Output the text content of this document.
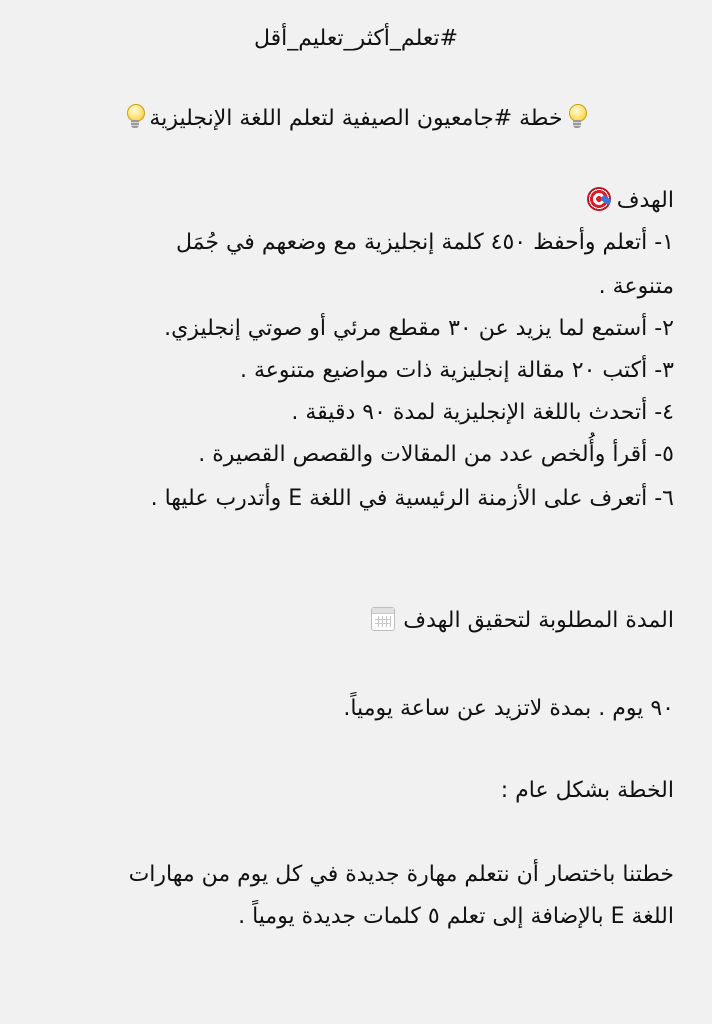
#تعلم_أكثر_تعليم_أقل
خطة #جامعيون الصيفية لتعلم اللغة الإنجليزية
الهدف
١- أتعلم وأحفظ ٤٥٠ كلمة إنجليزية مع وضعهم في جُمَل
متنوعة .
٢- أستمع لما يزيد عن ٣٠ مقطع مرئي أو صوتي إنجليزي.
٣- أكتب ٢٠ مقالة إنجليزية ذات مواضيع متنوعة .
٤- أتحدث باللغة الإنجليزية لمدة ٩٠ دقيقة .
٥- أقرأ وأُلخص عدد من المقالات والقصص القصيرة .
٦- أتعرف على الأزمنة الرئيسية في اللغة E وأتدرب عليها .
المدة المطلوبة لتحقيق الهدف
٩٠ يوم . بمدة لاتزيد عن ساعة يومياً.
الخطة بشكل عام :
خطتنا باختصار أن نتعلم مهارة جديدة في كل يوم من مهارات
اللغة E بالإضافة إلى تعلم ٥ كلمات جديدة يومياً .
